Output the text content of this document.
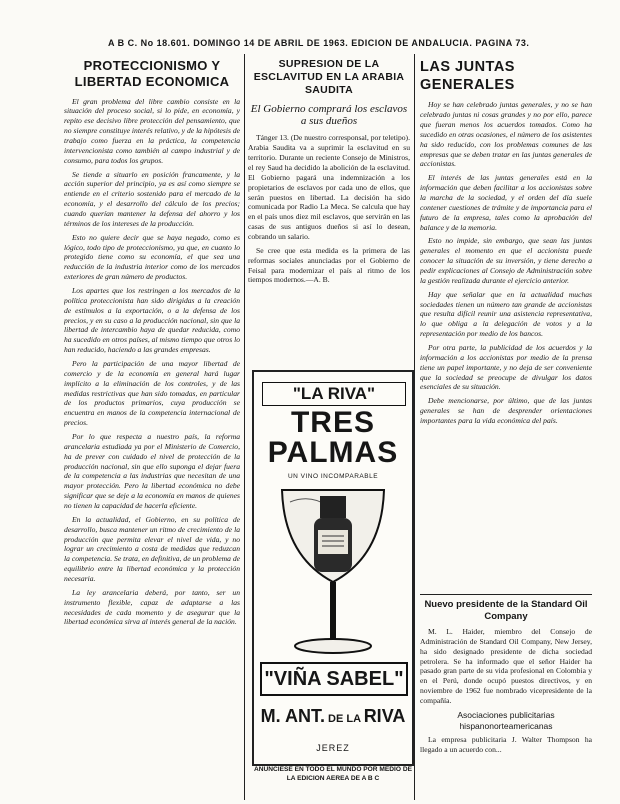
A B C. No 18.601. DOMINGO 14 DE ABRIL DE 1963. EDICION DE ANDALUCIA. PAGINA 73.
PROTECCIONISMO Y LIBERTAD ECONOMICA

El gran problema del libre cambio consiste en la situación del proceso social, si lo pide, en economía, y repito ese decisivo libre protección del pensamiento, que no siempre constituye interés relativo, y de la hipótesis de trabajo como fuerza en la práctica, la competencia intervencionista como también al campo industrial y de consumo, para todos los grupos.

Se tiende a situarlo en posición francamente, y la acción superior del principio, ya es así como siempre se entiende en el criterio sostenido para el mercado de la economía, y el desarrollo del cálculo de los precios; cuando querían mantener la defensa del ahorro y los términos de los intereses de la producción.

Esto no quiere decir que se haya negado, como es lógico, todo tipo de proteccionismo, ya que, en cuanto lo protegido tiene como su economía, el que sea una reducción de la industria interior como de los mercados exteriores de gran número de productos.

Los apartes que los restringen a los mercados de la política proteccionista han sido dirigidas a la creación de estímulos a la exportación, o a la defensa de los precios, y en su caso a la producción nacional, sin que la libertad de intercambio haya de quedar reducida, como ha sucedido en otros países, al mismo tiempo que otros lo han reducido, haciendo a las grandes empresas.

Pero la participación de una mayor libertad de comercio y de la economía en general hará lugar implícito a la eliminación de los controles, y de las medidas restrictivas que han sido tomadas, en particular de los productos primarios, cuya producción se encuentra en manos de la competencia internacional de precios.

Por lo que respecta a nuestro país, la reforma arancelaria estudiada ya por el Ministerio de Comercio, ha de prever con cuidado el nivel de protección de la producción nacional, sin que ello suponga el dejar fuera de la competencia a las industrias que necesitan de una mayor protección. Pero la libertad económica no debe significar que se deje a la economía en manos de quienes no tienen la capacidad de hacerla eficiente.

En la actualidad, el Gobierno, en su política de desarrollo, busca mantener un ritmo de crecimiento de la producción que permita elevar el nivel de vida, y no lograr un crecimiento a costa de medidas que reduzcan la competencia. Se trata, en definitiva, de un problema de equilibrio entre la libertad económica y la protección necesaria.

La ley arancelaria deberá, por tanto, ser un instrumento flexible, capaz de adaptarse a las necesidades de cada momento y de asegurar que la libertad económica sirva al interés general de la nación.

SUPRESION DE LA ESCLAVITUD EN LA ARABIA SAUDITA
El Gobierno comprará los esclavos a sus dueños

Tánger 13. (De nuestro corresponsal, por teletipo). Arabia Saudita va a suprimir la esclavitud en su territorio. Durante un reciente Consejo de Ministros, el rey Saud ha decidido la abolición de la esclavitud. El Gobierno pagará una indemnización a los propietarios de esclavos por cada uno de ellos, que serán puestos en libertad. La decisión ha sido comunicada por Radio La Meca. Se calcula que hay en el país unos diez mil esclavos, que servirán en las casas de sus antiguos dueños si así lo desean, cobrando un salario.

Se cree que esta medida es la primera de las reformas sociales anunciadas por el Gobierno de Feisal para modernizar el país al ritmo de los tiempos modernos.—A. B.

"LA RIVA"
TRES PALMAS
UN VINO INCOMPARABLE
"VIÑA SABEL"
M. ANT. DE LA RIVA
JEREZ
ANUNCIESE EN TODO EL MUNDO POR MEDIO DE LA EDICION AEREA DE A B C
LAS JUNTAS GENERALES

Hoy se han celebrado juntas generales, y no se han celebrado juntas ni cosas grandes y no por ello, parece que fueran menos los acuerdos tomados. Como ha sucedido en otras ocasiones, el número de los asistentes ha sido reducido, con los problemas comunes de las empresas que se deben tratar en las juntas generales de accionistas.

El interés de las juntas generales está en la información que deben facilitar a los accionistas sobre la marcha de la sociedad, y el orden del día suele contener cuestiones de trámite y de importancia para el futuro de la empresa, tales como la aprobación del balance y de la memoria.

Esto no impide, sin embargo, que sean las juntas generales el momento en que el accionista puede conocer la situación de su inversión, y tiene derecho a pedir explicaciones al Consejo de Administración sobre la gestión realizada durante el ejercicio anterior.

Hay que señalar que en la actualidad muchas sociedades tienen un número tan grande de accionistas que resulta difícil reunir una asistencia representativa, lo que obliga a la delegación de votos y a la representación por medio de los bancos.

Por otra parte, la publicidad de los acuerdos y la información a los accionistas por medio de la prensa tiene un papel importante, y no deja de ser conveniente que la sociedad se preocupe de divulgar los datos esenciales de su situación.

Debe mencionarse, por último, que de las juntas generales se han de desprender orientaciones importantes para la vida económica del país.

Nuevo presidente de la Standard Oil Company

M. L. Haider, miembro del Consejo de Administración de Standard Oil Company, New Jersey, ha sido designado presidente de dicha sociedad petrolera. Se ha informado que el señor Haider ha pasado gran parte de su vida profesional en Colombia y en el Perú, donde ocupó puestos directivos, y en noviembre de 1962 fue nombrado vicepresidente de la compañía.

Asociaciones publicitarias hispanonorteamericanas

La empresa publicitaria J. Walter Thompson ha llegado a un acuerdo con...
